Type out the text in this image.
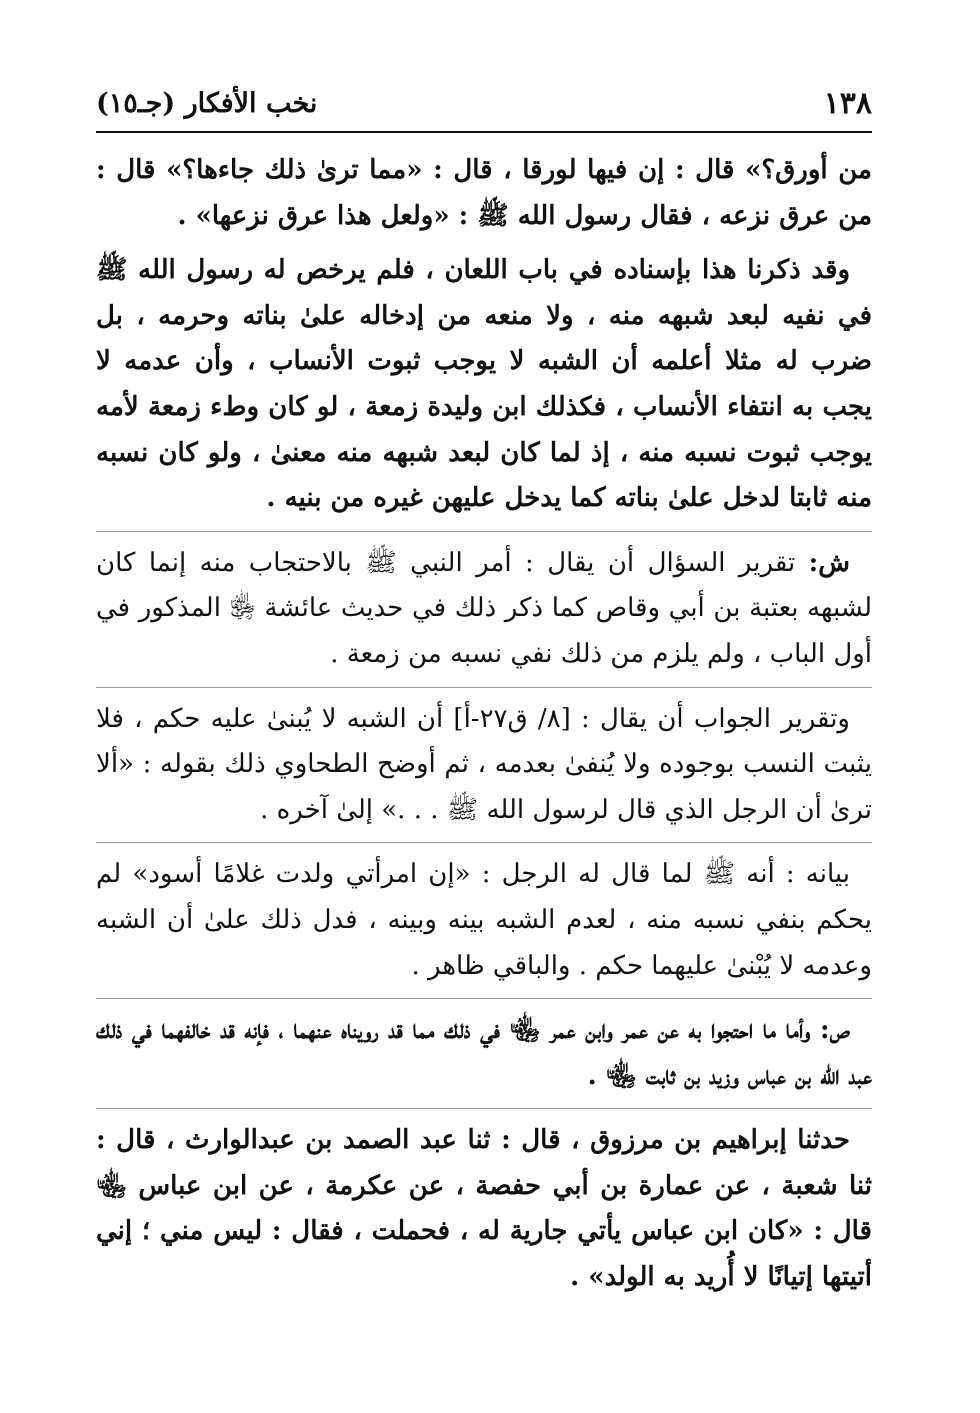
١٣٨
نخب الأفكار (جـ١٥)

من أورق؟» قال : إن فيها لورقا ، قال : «مما ترىٰ ذلك جاءها؟» قال : من عرق نزعه ، فقال رسول الله ﷺ : «ولعل هذا عرق نزعها» .

وقد ذكرنا هذا بإسناده في باب اللعان ، فلم يرخص له رسول الله ﷺ في نفيه لبعد شبهه منه ، ولا منعه من إدخاله علىٰ بناته وحرمه ، بل ضرب له مثلا أعلمه أن الشبه لا يوجب ثبوت الأنساب ، وأن عدمه لا يجب به انتفاء الأنساب ، فكذلك ابن وليدة زمعة ، لو كان وطء زمعة لأمه يوجب ثبوت نسبه منه ، إذ لما كان لبعد شبهه منه معنىٰ ، ولو كان نسبه منه ثابتا لدخل علىٰ بناته كما يدخل عليهن غيره من بنيه .

ش: تقرير السؤال أن يقال : أمر النبي ﷺ بالاحتجاب منه إنما كان لشبهه بعتبة بن أبي وقاص كما ذكر ذلك في حديث عائشة ﵂ المذكور في أول الباب ، ولم يلزم من ذلك نفي نسبه من زمعة .

وتقرير الجواب أن يقال : [٨/ ق٢٧-أ] أن الشبه لا يُبنىٰ عليه حكم ، فلا يثبت النسب بوجوده ولا يُنفىٰ بعدمه ، ثم أوضح الطحاوي ذلك بقوله : «ألا ترىٰ أن الرجل الذي قال لرسول الله ﷺ . . .» إلىٰ آخره .

بيانه : أنه ﷺ لما قال له الرجل : «إن امرأتي ولدت غلامًا أسود» لم يحكم بنفي نسبه منه ، لعدم الشبه بينه وبينه ، فدل ذلك علىٰ أن الشبه وعدمه لا يُبْنىٰ عليهما حكم . والباقي ظاهر .

ص: وأما ما احتجوا به عن عمر وابن عمر ﵄ في ذلك مما قد رويناه عنهما ، فإنه قد خالفهما في ذلك عبد الله بن عباس وزيد بن ثابت ﵄ .

حدثنا إبراهيم بن مرزوق ، قال : ثنا عبد الصمد بن عبدالوارث ، قال : ثنا شعبة ، عن عمارة بن أبي حفصة ، عن عكرمة ، عن ابن عباس ﵄ قال : «كان ابن عباس يأتي جارية له ، فحملت ، فقال : ليس مني ؛ إني أتيتها إتيانًا لا أُريد به الولد» .
